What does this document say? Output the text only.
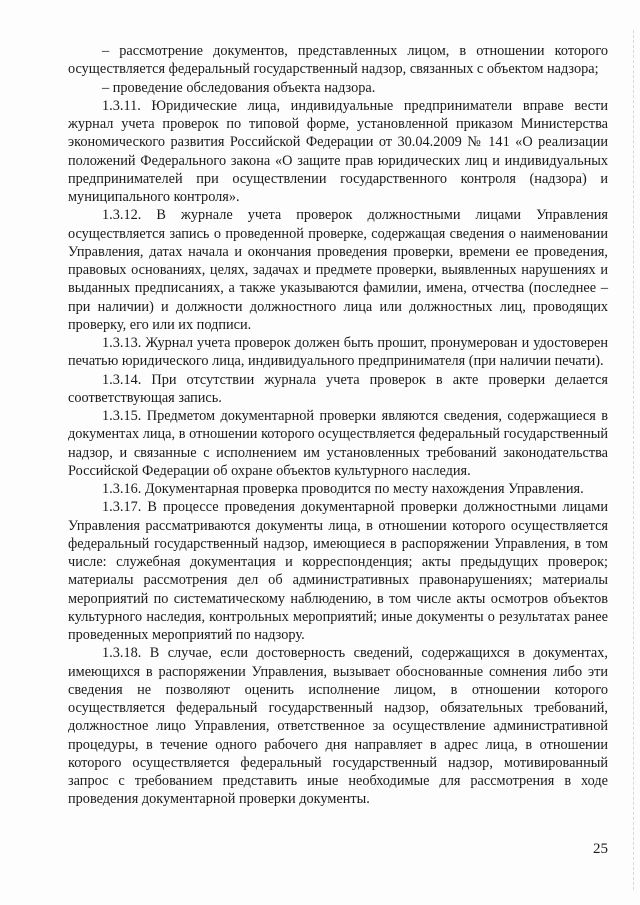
– рассмотрение документов, представленных лицом, в отношении которого осуществляется федеральный государственный надзор, связанных с объектом надзора;

– проведение обследования объекта надзора.

1.3.11. Юридические лица, индивидуальные предприниматели вправе вести журнал учета проверок по типовой форме, установленной приказом Министерства экономического развития Российской Федерации от 30.04.2009 № 141 «О реализации положений Федерального закона «О защите прав юридических лиц и индивидуальных предпринимателей при осуществлении государственного контроля (надзора) и муниципального контроля».

1.3.12. В журнале учета проверок должностными лицами Управления осуществляется запись о проведенной проверке, содержащая сведения о наименовании Управления, датах начала и окончания проведения проверки, времени ее проведения, правовых основаниях, целях, задачах и предмете проверки, выявленных нарушениях и выданных предписаниях, а также указываются фамилии, имена, отчества (последнее – при наличии) и должности должностного лица или должностных лиц, проводящих проверку, его или их подписи.

1.3.13. Журнал учета проверок должен быть прошит, пронумерован и удостоверен печатью юридического лица, индивидуального предпринимателя (при наличии печати).

1.3.14. При отсутствии журнала учета проверок в акте проверки делается соответствующая запись.

1.3.15. Предметом документарной проверки являются сведения, содержащиеся в документах лица, в отношении которого осуществляется федеральный государственный надзор, и связанные с исполнением им установленных требований законодательства Российской Федерации об охране объектов культурного наследия.

1.3.16. Документарная проверка проводится по месту нахождения Управления.

1.3.17. В процессе проведения документарной проверки должностными лицами Управления рассматриваются документы лица, в отношении которого осуществляется федеральный государственный надзор, имеющиеся в распоряжении Управления, в том числе: служебная документация и корреспонденция; акты предыдущих проверок; материалы рассмотрения дел об административных правонарушениях; материалы мероприятий по систематическому наблюдению, в том числе акты осмотров объектов культурного наследия, контрольных мероприятий; иные документы о результатах ранее проведенных мероприятий по надзору.

1.3.18. В случае, если достоверность сведений, содержащихся в документах, имеющихся в распоряжении Управления, вызывает обоснованные сомнения либо эти сведения не позволяют оценить исполнение лицом, в отношении которого осуществляется федеральный государственный надзор, обязательных требований, должностное лицо Управления, ответственное за осуществление административной процедуры, в течение одного рабочего дня направляет в адрес лица, в отношении которого осуществляется федеральный государственный надзор, мотивированный запрос с требованием представить иные необходимые для рассмотрения в ходе проведения документарной проверки документы.

25
